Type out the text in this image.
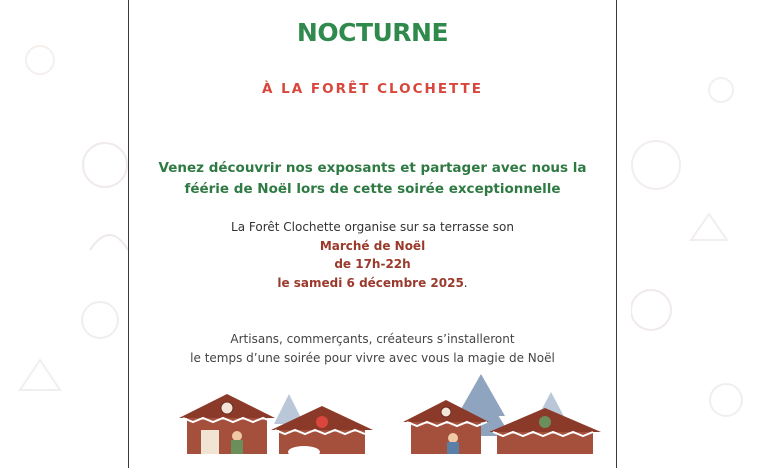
NOCTURNE
À LA FORÊT CLOCHETTE
Venez découvrir nos exposants et partager avec nous la
féérie de Noël lors de cette soirée exceptionnelle
La Forêt Clochette organise sur sa terrasse son
Marché de Noël
de 17h-22h
le samedi 6 décembre 2025.
Artisans, commerçants, créateurs s’installeront
le temps d’une soirée pour vivre avec vous la magie de Noël
